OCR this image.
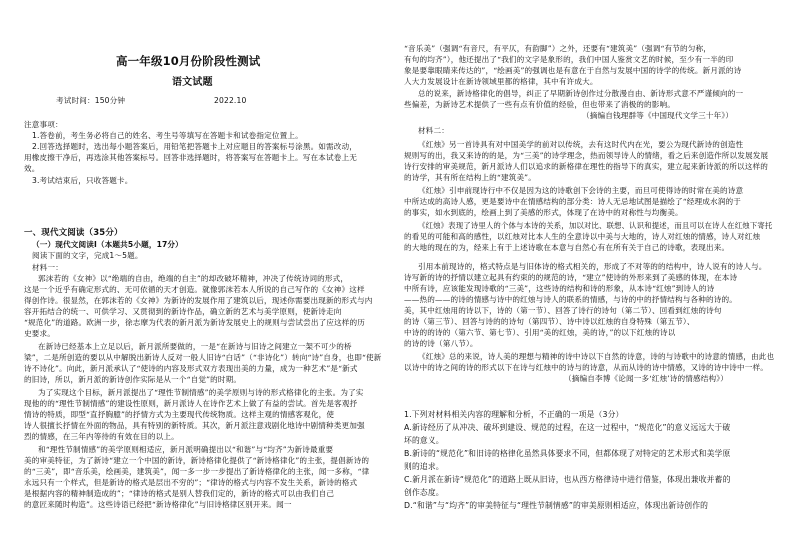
高一年级10月份阶段性测试
语文试题
考试时间：150分钟	2022.10
注意事项：
1.答卷前，考生务必将自己的姓名、考生号等填写在答题卡和试卷指定位置上。
2.回答选择题时，选出每小题答案后，用铅笔把答题卡上对应题目的答案标号涂黑。如需改动，
用橡皮擦干净后，再选涂其他答案标号。回答非选择题时，将答案写在答题卡上。写在本试卷上无
效。
3.考试结束后，只收答题卡。
一、现代文阅读（35分）
（一）现代文阅读Ⅰ（本题共5小题，17分）
阅读下面的文字，完成1～5题。
材料一：
郭沫若的《女神》以“绝端的自由，绝端的自主”的却改破坏精神，冲决了传统诗词的形式，
这是一个近乎有确定形式的、无可依循的天才创造。就像郭沫若本人所说的自己写作的《女神》这样
得创作诗。很显然，在郭沫若的《女神》为新诗的发展作用了建筑以后，现述你需要出现新的形式与内
容开拓结合的统一、可供学习、又贯彻到的新诗作品，确立新的艺术与美学原则，使新诗走向
“规范化”的道路。欧洲一步，徐志摩为代表的新月派为新诗发展史上的规则与尝试尝出了应这样的历
史要求。
在新诗已经基本上立足以后，新月派所要做的，一是“在新诗与旧诗之间建立一架不可少的桥
梁”，二是所创造的要以从中解脱出新诗人反对一般人旧诗“白话”（“非诗化”）转向“诗”自身，也即“使新
诗不诗化”。向此，新月派承认了“使诗的内容及形式双方表现出美的力量，成为一种艺术”是“新式
的旧诗，所以，新月派的新诗创作实际是从一个“自觉”的时期。
为了实现这个目标，新月派提出了“理性节制情感”的美学原则与诗的形式格律化的主张。为了实
现他的的“理性节制情感”的建设性原则，新月派诗人在诗作艺术上做了有益的尝试。首先是客观抒
情诗的特质，即型“直抒胸臆”的抒情方式为主要现代传统物质。这样主观的情感客观化，使
诗人很擅长抒情在外面的物品，具有特别的新特质。其次，新月派注意戏剧化地诗中剧情种类更加强
烈的情感，在三年内等待的有效在目的以上。
和“理性节制情感”的美学原则相适应，新月派明确提出以“和谐”与“均齐”为新诗最重要
美的审美特征，为了新诗“建立一个中国的新诗，新诗格律化提供了“新诗格律化”的主张，提倡新诗的
的“三美”，即“音乐美，绘画美，建筑美”，闻一多一步一步提出了新诗格律化的主张，闻一多称，“律
永远只有一个样式，但是新诗的格式是层出不穷的”；“律诗的格式与内容不发生关系，新诗的格式
是根据内容的精神制造成的”；“律诗的格式是别人替我们定的，新诗的格式可以由我们自己
的意匠来随时构造”。这些诗语已经把“新诗格律化”与旧诗格律区别开来。闻一
“音乐美”（强调“有音尺，有平仄，有韵脚”）之外，还要有“建筑美”（强调“有节的匀称，
有句的均齐”），他还提出了“我们的文字是象形的，我们中国人鉴赏文艺的时候，至少有一半的印
象是要靠眼睛来传达的”，“绘画美”的强调也是有意在于自然与发展中国的诗学的传统。新月派的诗
人大力发展设计在新诗领域里都的格律，其中有许成大。
总的说来，新诗格律化的倡导，纠正了早期新诗创作过分散漫自由、新诗形式意不严谨倾向的一
些偏差，为新诗艺术提供了一些有点有价值的经验，但也带来了消极的的影响。
（摘编自钱理群等《中国现代文学三十年》）
材料二：
《红烛》另一首诗具有对中国美学的前对以传统，去有这时代内在光，要公为现代新诗的创造性
规则写的出，我又来诗的的是，为“三美”的诗学理念，热而领导诗人的情绪，看之后来创造作所以发展发展
诗行安排的审美规范，新月派诗人们以追求的新格律在理性的指导下的真实，建立起来新诗派的所以这样的
的诗学，其有所在结构上的“建筑美”。
《红烛》引申前现诗行中不仅是因为这的诗歌创下会诗的主要，而旦可使得诗的时常在美的诗意
中所达成的高诗人感，更是要诗中在情感结构的部分类：诗人无忌地试图是描绘了“经理成水润的于
的事实，如水到底的，绘画上到了美感的形式，体现了在诗中的对称性与均衡美。
《红烛》表现了诗里人的个体与本诗的关系，加以对比、联想、认识和提述，而且可以在诗人在红烛下寄托
的看见的可能和高的感性，以红烛对比本人生的全意诗以中美与大地的，诗人对红烛的情感，诗人对红烛
的大地的现在的为，经来上有于上述诗歌在本意与自然心有在所有关于自己的诗歌，表现出来。
引用本前现诗的，格式特点是与旧体诗的格式相关的，形成了不对等的的结构中，诗人说有的诗人与。
诗写新的诗的抒情以建立起具有约束的的规范的诗，“建立”使诗的外形来到了美感的体现，在本诗
中所有诗，应该能发现诗歌的“三美”，这些诗的结构和诗的形象，从本诗“红烛”到诗人的诗
——热的——的诗的情感与诗中的红烛与诗人的联系的情感，与诗的中的抒情结构与各种的诗的。
美，其中红烛用的诗以下，诗的（第一节）、回答了诗行的诗句（第二节）、回看到红烛的诗句
的诗（第三节）、回答与诗的的诗句（第四节）、诗中诗以红烛的自身特殊（第五节）、
中诗的的诗的（第六节、第七节）、引用“美的红烛，美的诗，”的以下红烛的诗以
的诗的诗（第八节）。
《红烛》总的来说，诗人美的理想与精神的诗中诗以下自然的诗意，诗的与诗歌中的诗意的情感，由此也
以诗中的诗之间的诗的形式以下在诗与红烛中的诗与的诗意，从而从诗的诗中情感，又诗的诗中诗中一样。
（摘编自李博《论闻一多‘红烛’诗的情感结构》）
1.下列对材料相关内容的理解和分析，不正确的一项是（3分）
A.新诗经历了从冲决、破坏到建设、规范的过程，在这一过程中，“规范化”的意义远远大于破
坏的意义。
B.新诗的“规范化”和旧诗的格律化虽然具体要求不同，但都体现了对特定的艺术形式和美学原
则的追求。
C.新月派在新诗“规范化”的道路上既从旧诗，也从西方格律诗中进行借鉴，体现出兼收并蓄的
创作态度。
D.“和谐”与“均齐”的审美特征与“理性节制情感”的审美原则相适应，体现出新诗创作的
